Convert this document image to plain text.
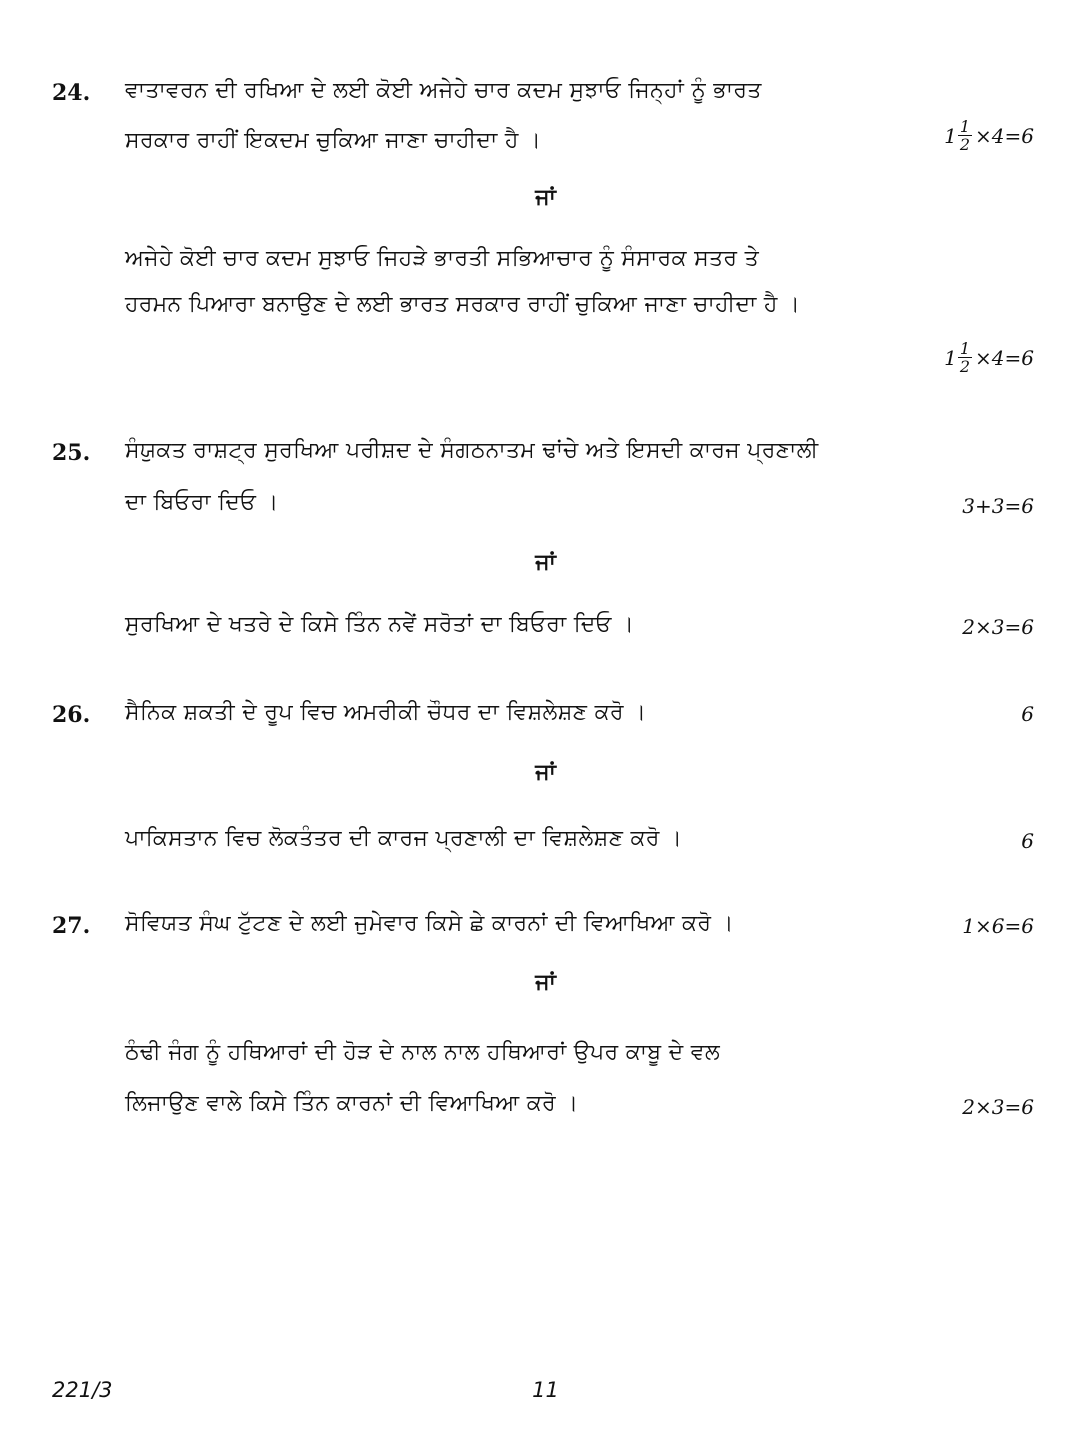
24. ਵਾਤਾਵਰਨ ਦੀ ਰਖਿਆ ਦੇ ਲਈ ਕੋਈ ਅਜੇਹੇ ਚਾਰ ਕਦਮ ਸੁਝਾਓ ਜਿਨ੍ਹਾਂ ਨੂੰ ਭਾਰਤ
ਸਰਕਾਰ ਰਾਹੀਂ ਇਕਦਮ ਚੁਕਿਆ ਜਾਣਾ ਚਾਹੀਦਾ ਹੈ ।	$1 \frac{1}{2} \times 4=6$
ਜਾਂ
ਅਜੇਹੇ ਕੋਈ ਚਾਰ ਕਦਮ ਸੁਝਾਓ ਜਿਹੜੇ ਭਾਰਤੀ ਸਭਿਆਚਾਰ ਨੂੰ ਸੰਸਾਰਕ ਸਤਰ ਤੇ
ਹਰਮਨ ਪਿਆਰਾ ਬਨਾਉਣ ਦੇ ਲਈ ਭਾਰਤ ਸਰਕਾਰ ਰਾਹੀਂ ਚੁਕਿਆ ਜਾਣਾ ਚਾਹੀਦਾ ਹੈ ।
$1 \frac{1}{2} \times 4=6$
25. ਸੰਯੁਕਤ ਰਾਸ਼ਟ੍ਰ ਸੁਰਖਿਆ ਪਰੀਸ਼ਦ ਦੇ ਸੰਗਠਨਾਤਮ ਢਾਂਚੇ ਅਤੇ ਇਸਦੀ ਕਾਰਜ ਪ੍ਰਣਾਲੀ
ਦਾ ਬਿਓਰਾ ਦਿਓ ।	3+3=6
ਜਾਂ
ਸੁਰਖਿਆ ਦੇ ਖਤਰੇ ਦੇ ਕਿਸੇ ਤਿੰਨ ਨਵੇਂ ਸਰੋਤਾਂ ਦਾ ਬਿਓਰਾ ਦਿਓ ।	2×3=6
26. ਸੈਨਿਕ ਸ਼ਕਤੀ ਦੇ ਰੂਪ ਵਿਚ ਅਮਰੀਕੀ ਚੌਧਰ ਦਾ ਵਿਸ਼ਲੇਸ਼ਣ ਕਰੋ ।	6
ਜਾਂ
ਪਾਕਿਸਤਾਨ ਵਿਚ ਲੋਕਤੰਤਰ ਦੀ ਕਾਰਜ ਪ੍ਰਣਾਲੀ ਦਾ ਵਿਸ਼ਲੇਸ਼ਣ ਕਰੋ ।	6
27. ਸੋਵਿਯਤ ਸੰਘ ਟੁੱਟਣ ਦੇ ਲਈ ਜੁਮੇਵਾਰ ਕਿਸੇ ਛੇ ਕਾਰਨਾਂ ਦੀ ਵਿਆਖਿਆ ਕਰੋ ।	1×6=6
ਜਾਂ
ਠੰਢੀ ਜੰਗ ਨੂੰ ਹਥਿਆਰਾਂ ਦੀ ਹੋੜ ਦੇ ਨਾਲ ਨਾਲ ਹਥਿਆਰਾਂ ਉਪਰ ਕਾਬੂ ਦੇ ਵਲ
ਲਿਜਾਉਣ ਵਾਲੇ ਕਿਸੇ ਤਿੰਨ ਕਾਰਨਾਂ ਦੀ ਵਿਆਖਿਆ ਕਰੋ ।	2×3=6
221/3	11
